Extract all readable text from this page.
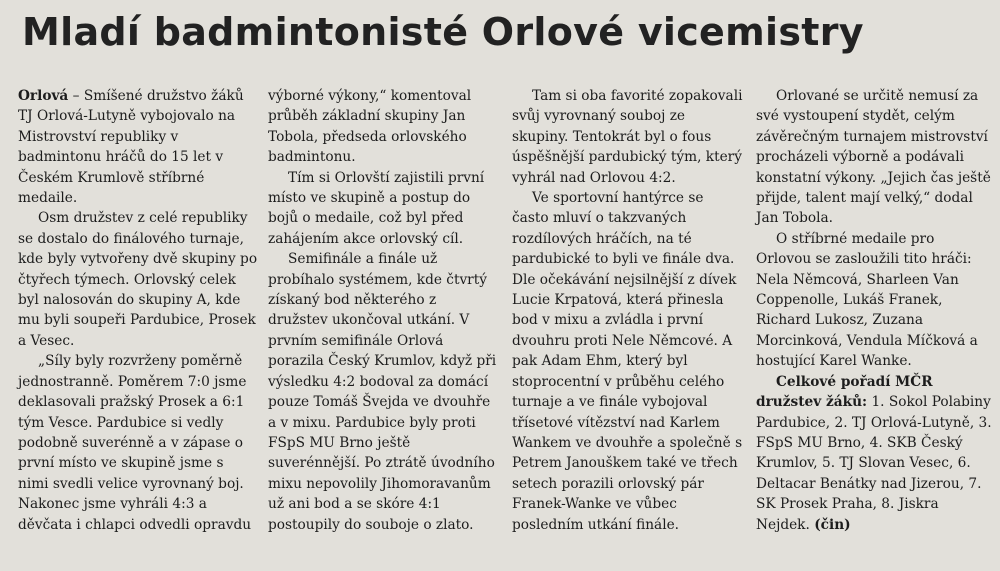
Mladí badmintonisté Orlové vicemistry

Orlová – Smíšené družstvo žáků TJ Orlová-Lutyně vybojovalo na Mistrovství republiky v badmintonu hráčů do 15 let v Českém Krumlově stříbrné medaile.

Osm družstev z celé republiky se dostalo do finálového turnaje, kde byly vytvořeny dvě skupiny po čtyřech týmech. Orlovský celek byl nalosován do skupiny A, kde mu byli soupeři Pardubice, Prosek a Vesec.

„Síly byly rozvrženy poměrně jednostranně. Poměrem 7:0 jsme deklasovali pražský Prosek a 6:1 tým Vesce. Pardubice si vedly podobně suverénně a v zápase o první místo ve skupině jsme s nimi svedli velice vyrovnaný boj. Nakonec jsme vyhráli 4:3 a děvčata i chlapci odvedli opravdu

výborné výkony,“ komentoval průběh základní skupiny Jan Tobola, předseda orlovského badmintonu.

Tím si Orlovští zajistili první místo ve skupině a postup do bojů o medaile, což byl před zahájením akce orlovský cíl.

Semifinále a finále už probíhalo systémem, kde čtvrtý získaný bod některého z družstev ukončoval utkání. V prvním semifinále Orlová porazila Český Krumlov, když při výsledku 4:2 bodoval za domácí pouze Tomáš Švejda ve dvouhře a v mixu. Pardubice byly proti FSpS MU Brno ještě suverénnější. Po ztrátě úvodního mixu nepovolily Jihomoravanům už ani bod a se skóre 4:1 postoupily do souboje o zlato.

Tam si oba favorité zopakovali svůj vyrovnaný souboj ze skupiny. Tentokrát byl o fous úspěšnější pardubický tým, který vyhrál nad Orlovou 4:2.

Ve sportovní hantýrce se často mluví o takzvaných rozdílových hráčích, na té pardubické to byli ve finále dva. Dle očekávání nejsilnější z dívek Lucie Krpatová, která přinesla bod v mixu a zvládla i první dvouhru proti Nele Němcové. A pak Adam Ehm, který byl stoprocentní v průběhu celého turnaje a ve finále vybojoval třísetové vítězství nad Karlem Wankem ve dvouhře a společně s Petrem Janouškem také ve třech setech porazili orlovský pár Franek-Wanke ve vůbec posledním utkání finále.

Orlované se určitě nemusí za své vystoupení stydět, celým závěrečným turnajem mistrovství procházeli výborně a podávali konstatní výkony. „Jejich čas ještě přijde, talent mají velký,“ dodal Jan Tobola.

O stříbrné medaile pro Orlovou se zasloužili tito hráči: Nela Němcová, Sharleen Van Coppenolle, Lukáš Franek, Richard Lukosz, Zuzana Morcinková, Vendula Míčková a hostující Karel Wanke.

Celkové pořadí MČR družstev žáků: 1. Sokol Polabiny Pardubice, 2. TJ Orlová-Lutyně, 3. FSpS MU Brno, 4. SKB Český Krumlov, 5. TJ Slovan Vesec, 6. Deltacar Benátky nad Jizerou, 7. SK Prosek Praha, 8. Jiskra Nejdek. (čin)
